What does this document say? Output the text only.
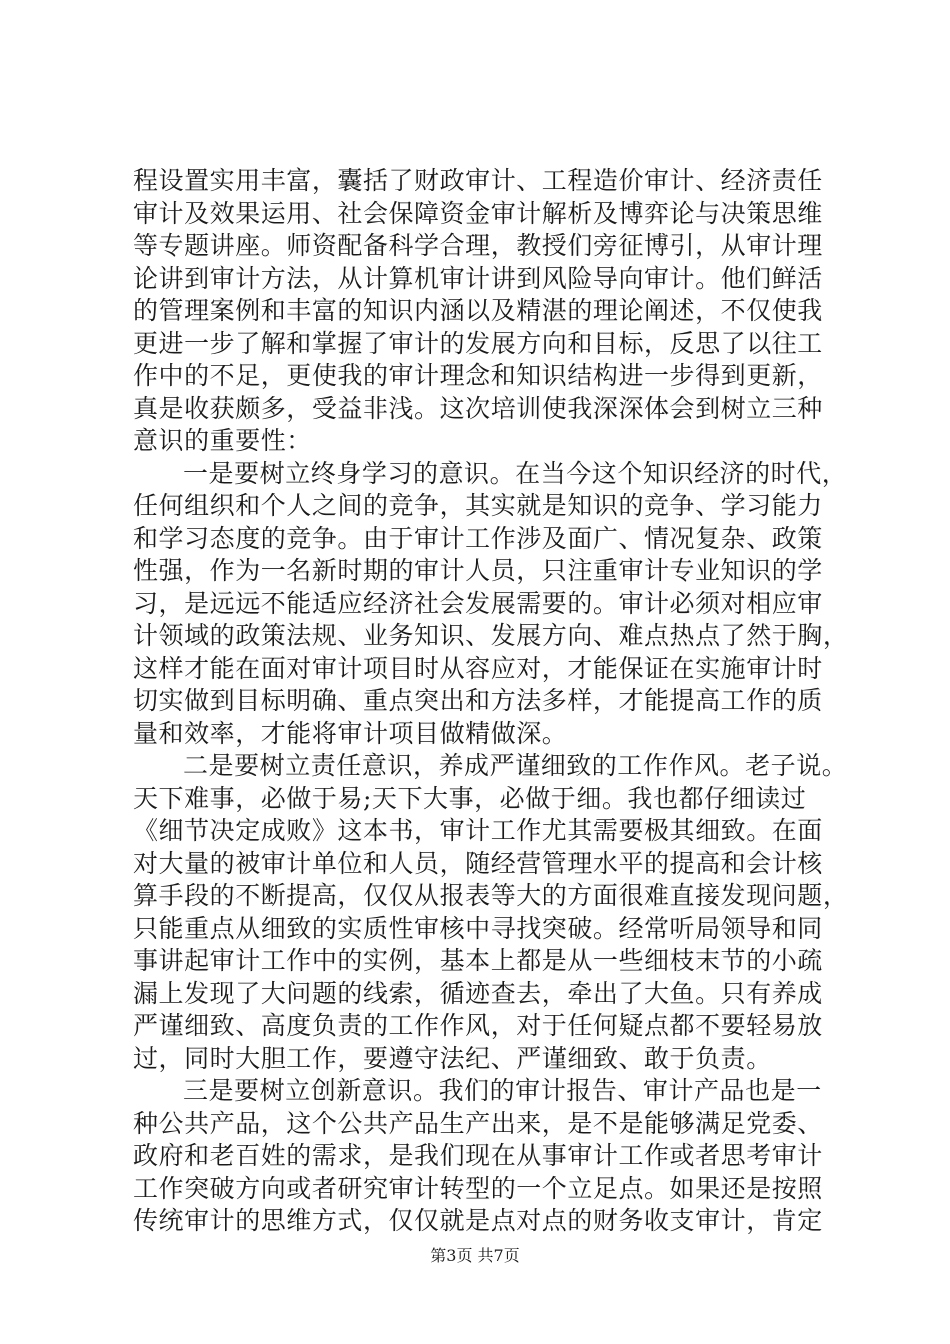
程设置实用丰富，囊括了财政审计、工程造价审计、经济责任
审计及效果运用、社会保障资金审计解析及博弈论与决策思维
等专题讲座。师资配备科学合理，教授们旁征博引，从审计理
论讲到审计方法，从计算机审计讲到风险导向审计。他们鲜活
的管理案例和丰富的知识内涵以及精湛的理论阐述，不仅使我
更进一步了解和掌握了审计的发展方向和目标，反思了以往工
作中的不足，更使我的审计理念和知识结构进一步得到更新，
真是收获颇多，受益非浅。这次培训使我深深体会到树立三种
意识的重要性：
一是要树立终身学习的意识。在当今这个知识经济的时代，
任何组织和个人之间的竞争，其实就是知识的竞争、学习能力
和学习态度的竞争。由于审计工作涉及面广、情况复杂、政策
性强，作为一名新时期的审计人员，只注重审计专业知识的学
习，是远远不能适应经济社会发展需要的。审计必须对相应审
计领域的政策法规、业务知识、发展方向、难点热点了然于胸，
这样才能在面对审计项目时从容应对，才能保证在实施审计时
切实做到目标明确、重点突出和方法多样，才能提高工作的质
量和效率，才能将审计项目做精做深。
二是要树立责任意识，养成严谨细致的工作作风。老子说。
天下难事，必做于易;天下大事，必做于细。我也都仔细读过
《细节决定成败》这本书，审计工作尤其需要极其细致。在面
对大量的被审计单位和人员，随经营管理水平的提高和会计核
算手段的不断提高，仅仅从报表等大的方面很难直接发现问题，
只能重点从细致的实质性审核中寻找突破。经常听局领导和同
事讲起审计工作中的实例，基本上都是从一些细枝末节的小疏
漏上发现了大问题的线索，循迹查去，牵出了大鱼。只有养成
严谨细致、高度负责的工作作风，对于任何疑点都不要轻易放
过，同时大胆工作，要遵守法纪、严谨细致、敢于负责。
三是要树立创新意识。我们的审计报告、审计产品也是一
种公共产品，这个公共产品生产出来，是不是能够满足党委、
政府和老百姓的需求，是我们现在从事审计工作或者思考审计
工作突破方向或者研究审计转型的一个立足点。如果还是按照
传统审计的思维方式，仅仅就是点对点的财务收支审计，肯定
第3页 共7页
